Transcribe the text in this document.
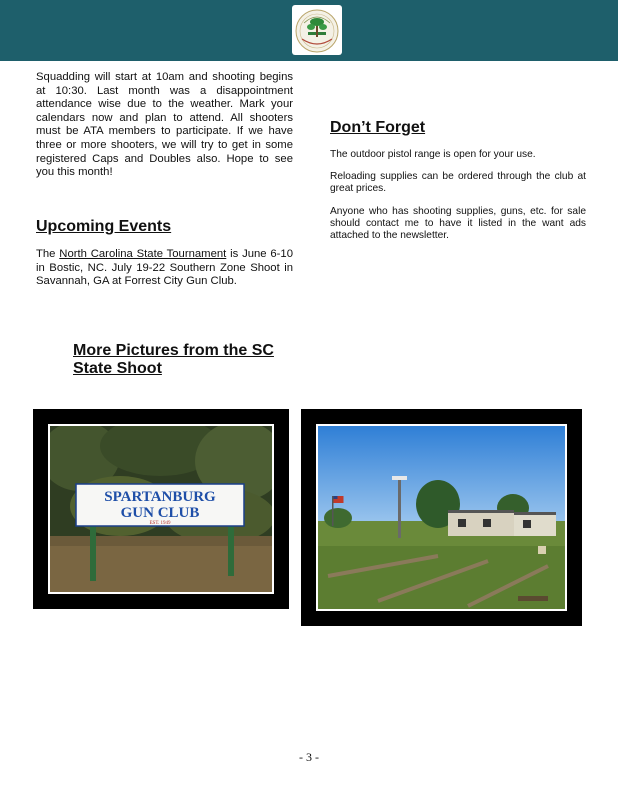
Squadding will start at 10am and shooting begins at 10:30. Last month was a disappointment attendance wise due to the weather. Mark your calendars now and plan to attend. All shooters must be ATA members to participate. If we have three or more shooters, we will try to get in some registered Caps and Doubles also. Hope to see you this month!

Upcoming Events

The North Carolina State Tournament is June 6-10 in Bostic, NC. July 19-22 Southern Zone Shoot in Savannah, GA at Forrest City Gun Club.

Don’t Forget

The outdoor pistol range is open for your use.

Reloading supplies can be ordered through the club at great prices.

Anyone who has shooting supplies, guns, etc. for sale should contact me to have it listed in the want ads attached to the newsletter.

More Pictures from the SC State Shoot
SPARTANBURG
GUN CLUB
EST. 1949
- 3 -
